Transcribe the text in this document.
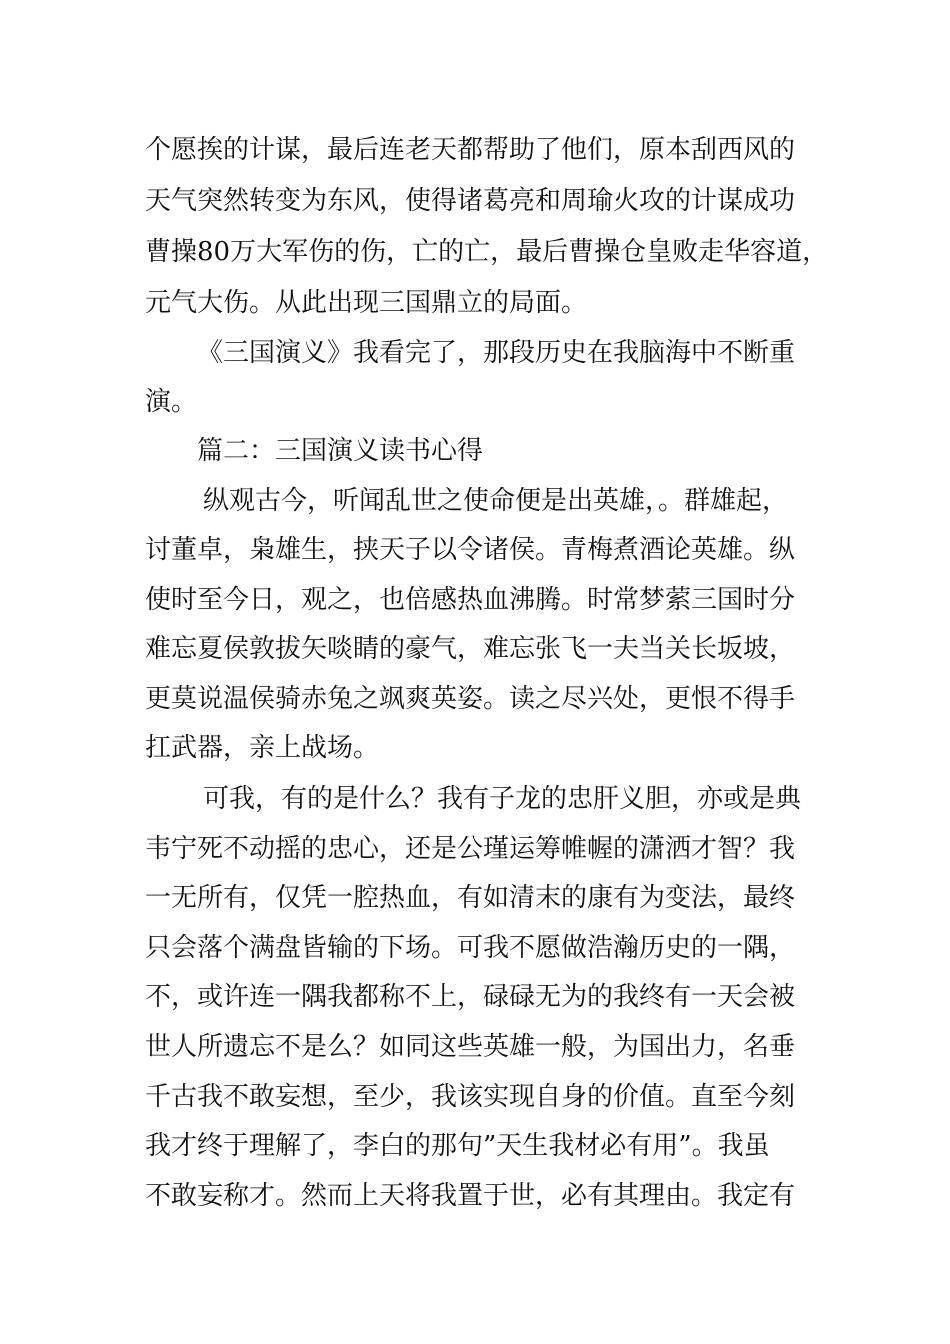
个愿挨的计谋，最后连老天都帮助了他们，原本刮西风的
天气突然转变为东风，使得诸葛亮和周瑜火攻的计谋成功
曹操80万大军伤的伤，亡的亡，最后曹操仓皇败走华容道，
元气大伤。从此出现三国鼎立的局面。
《三国演义》我看完了，那段历史在我脑海中不断重
演。
篇二：三国演义读书心得
纵观古今，听闻乱世之使命便是出英雄，。群雄起，
讨董卓，枭雄生，挟天子以令诸侯。青梅煮酒论英雄。纵
使时至今日，观之，也倍感热血沸腾。时常梦萦三国时分
难忘夏侯敦拔矢啖睛的豪气，难忘张飞一夫当关长坂坡，
更莫说温侯骑赤兔之飒爽英姿。读之尽兴处，更恨不得手
扛武器，亲上战场。
可我，有的是什么？我有子龙的忠肝义胆，亦或是典
韦宁死不动摇的忠心，还是公瑾运筹帷幄的潇洒才智？我
一无所有，仅凭一腔热血，有如清末的康有为变法，最终
只会落个满盘皆输的下场。可我不愿做浩瀚历史的一隅，
不，或许连一隅我都称不上，碌碌无为的我终有一天会被
世人所遗忘不是么？如同这些英雄一般，为国出力，名垂
千古我不敢妄想，至少，我该实现自身的价值。直至今刻
我才终于理解了，李白的那句”天生我材必有用”。我虽
不敢妄称才。然而上天将我置于世，必有其理由。我定有
